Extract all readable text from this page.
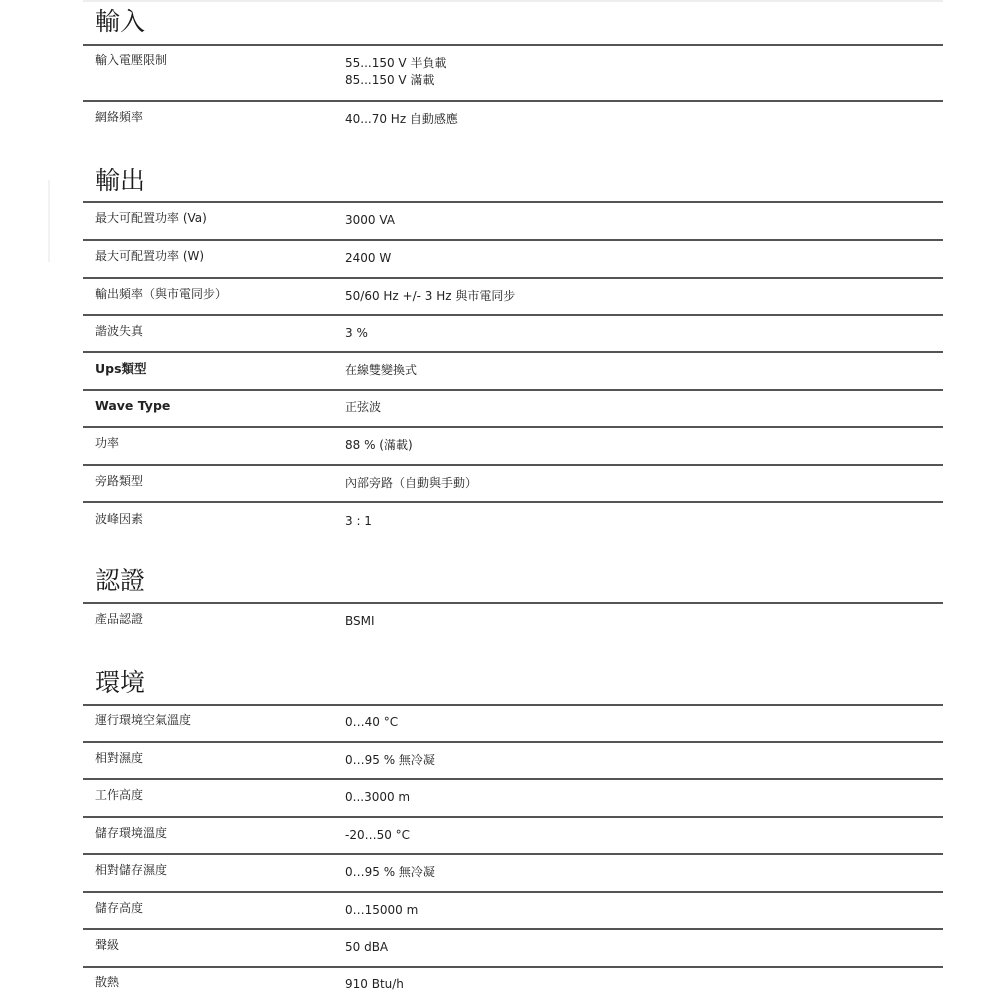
輸入
輸入電壓限制	55...150 V 半負載
85...150 V 滿載
網絡頻率	40...70 Hz 自動感應
輸出
最大可配置功率 (Va)	3000 VA
最大可配置功率 (W)	2400 W
輸出頻率（與市電同步）	50/60 Hz +/- 3 Hz 與市電同步
諧波失真	3 %
Ups類型	在線雙變換式
Wave Type	正弦波
功率	88 % (滿載)
旁路類型	內部旁路（自動與手動）
波峰因素	3 : 1
認證
產品認證	BSMI
環境
運行環境空氣溫度	0…40 °C
相對濕度	0…95 % 無冷凝
工作高度	0...3000 m
儲存環境溫度	-20…50 °C
相對儲存濕度	0…95 % 無冷凝
儲存高度	0…15000 m
聲級	50 dBA
散熱	910 Btu/h
